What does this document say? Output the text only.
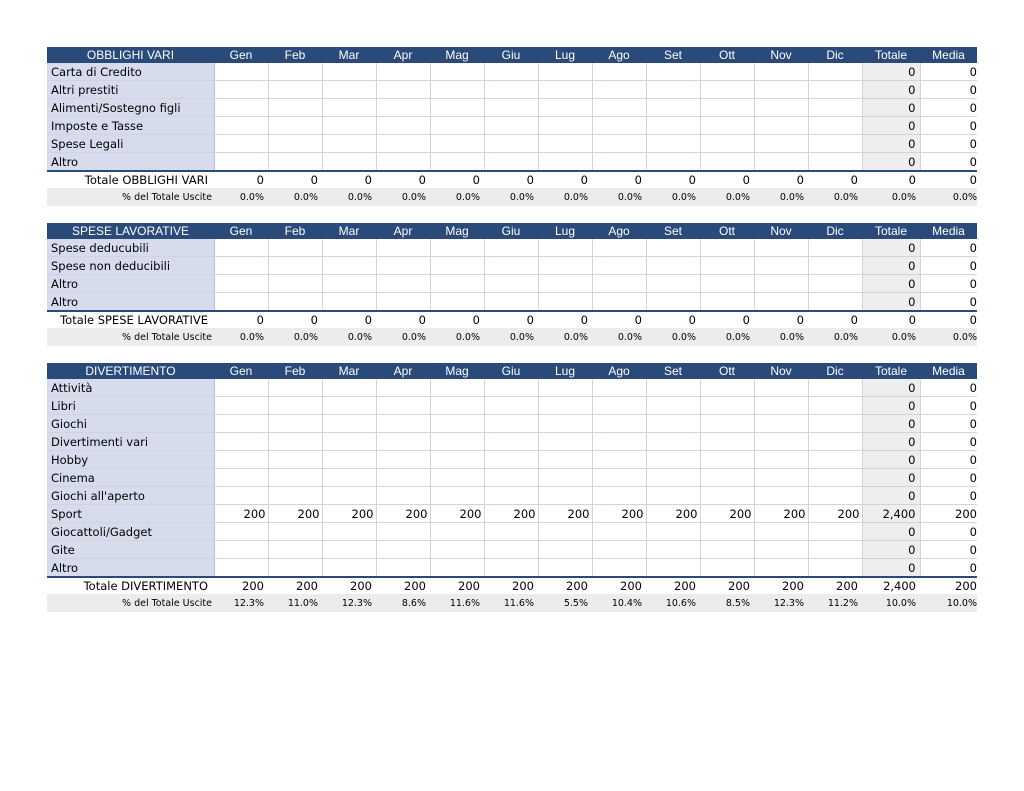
OBBLIGHI VARI	Gen	Feb	Mar	Apr	Mag	Giu	Lug	Ago	Set	Ott	Nov	Dic	Totale	Media
Carta di Credito													0	0
Altri prestiti													0	0
Alimenti/Sostegno figli													0	0
Imposte e Tasse													0	0
Spese Legali													0	0
Altro													0	0
Totale OBBLIGHI VARI	0	0	0	0	0	0	0	0	0	0	0	0	0	0
% del Totale Uscite	0.0%	0.0%	0.0%	0.0%	0.0%	0.0%	0.0%	0.0%	0.0%	0.0%	0.0%	0.0%	0.0%	0.0%
SPESE LAVORATIVE	Gen	Feb	Mar	Apr	Mag	Giu	Lug	Ago	Set	Ott	Nov	Dic	Totale	Media
Spese deducubili													0	0
Spese non deducibili													0	0
Altro													0	0
Altro													0	0
Totale SPESE LAVORATIVE	0	0	0	0	0	0	0	0	0	0	0	0	0	0
% del Totale Uscite	0.0%	0.0%	0.0%	0.0%	0.0%	0.0%	0.0%	0.0%	0.0%	0.0%	0.0%	0.0%	0.0%	0.0%
DIVERTIMENTO	Gen	Feb	Mar	Apr	Mag	Giu	Lug	Ago	Set	Ott	Nov	Dic	Totale	Media
Attività													0	0
Libri													0	0
Giochi													0	0
Divertimenti vari													0	0
Hobby													0	0
Cinema													0	0
Giochi all'aperto													0	0
Sport	200	200	200	200	200	200	200	200	200	200	200	200	2,400	200
Giocattoli/Gadget													0	0
Gite													0	0
Altro													0	0
Totale DIVERTIMENTO	200	200	200	200	200	200	200	200	200	200	200	200	2,400	200
% del Totale Uscite	12.3%	11.0%	12.3%	8.6%	11.6%	11.6%	5.5%	10.4%	10.6%	8.5%	12.3%	11.2%	10.0%	10.0%
